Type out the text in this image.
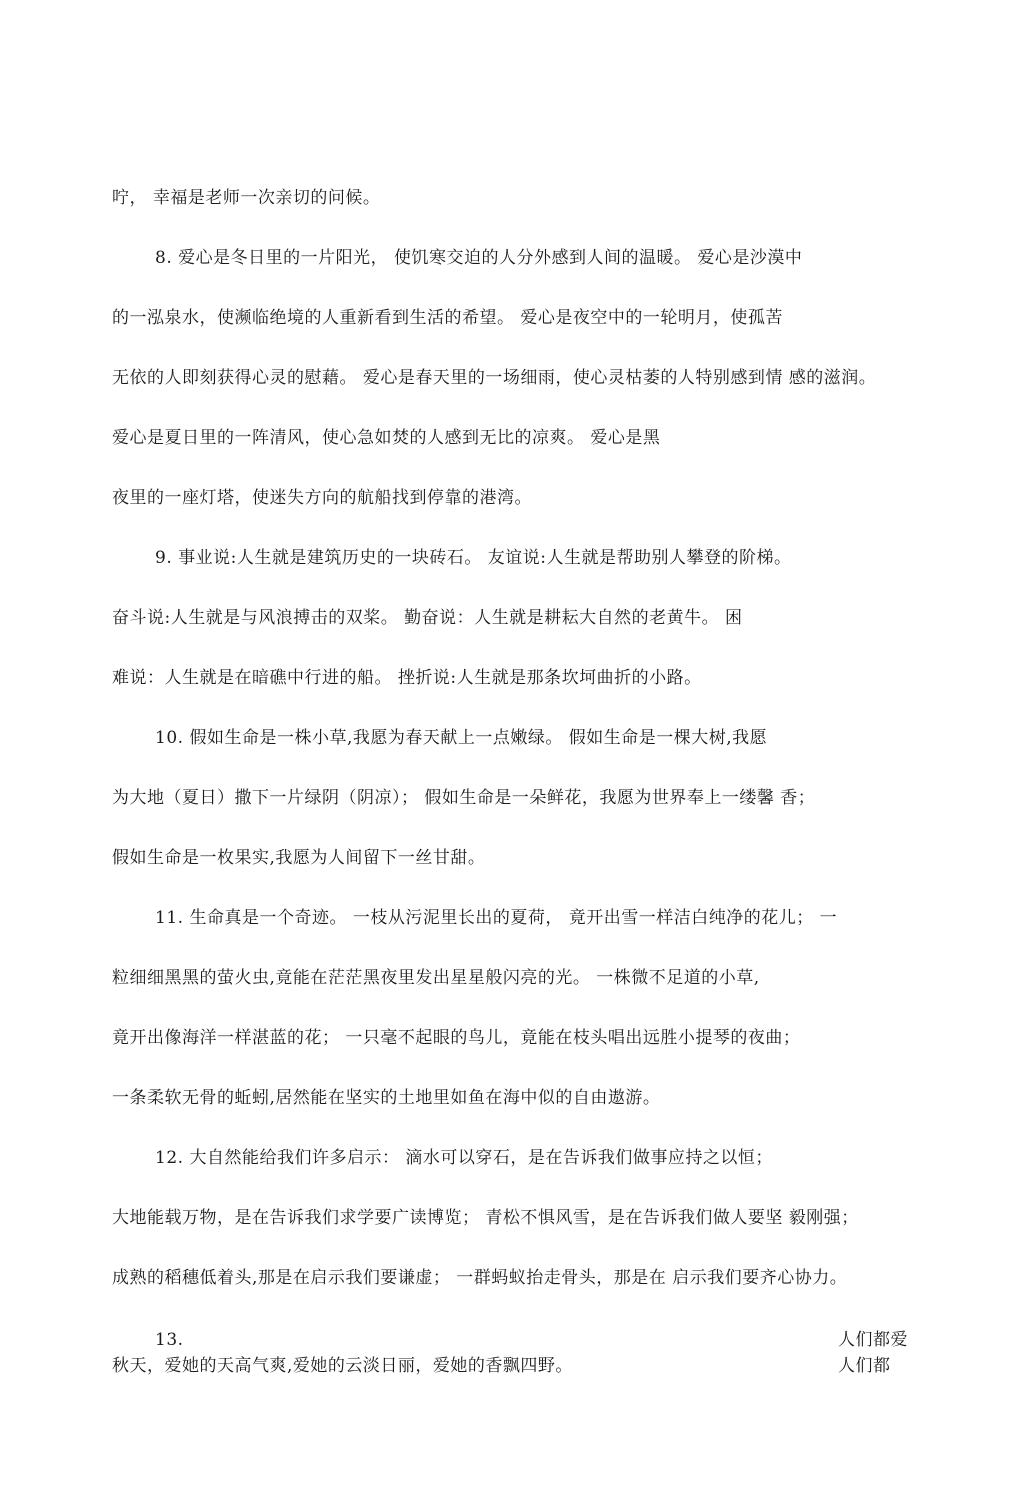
咛， 幸福是老师一次亲切的问候。
8. 爱心是冬日里的一片阳光， 使饥寒交迫的人分外感到人间的温暖。 爱心是沙漠中
的一泓泉水，使濒临绝境的人重新看到生活的希望。 爱心是夜空中的一轮明月，使孤苦
无依的人即刻获得心灵的慰藉。 爱心是春天里的一场细雨，使心灵枯萎的人特别感到情 感的滋润。
爱心是夏日里的一阵清风，使心急如焚的人感到无比的凉爽。 爱心是黑
夜里的一座灯塔，使迷失方向的航船找到停靠的港湾。
9. 事业说:人生就是建筑历史的一块砖石。 友谊说:人生就是帮助别人攀登的阶梯。
奋斗说:人生就是与风浪搏击的双桨。 勤奋说：人生就是耕耘大自然的老黄牛。 困
难说：人生就是在暗礁中行进的船。 挫折说:人生就是那条坎坷曲折的小路。
10. 假如生命是一株小草,我愿为春天献上一点嫩绿。 假如生命是一棵大树,我愿
为大地（夏日）撒下一片绿阴（阴凉）； 假如生命是一朵鲜花，我愿为世界奉上一缕馨 香；
假如生命是一枚果实,我愿为人间留下一丝甘甜。
11. 生命真是一个奇迹。 一枝从污泥里长出的夏荷， 竟开出雪一样洁白纯净的花儿； 一
粒细细黑黑的萤火虫,竟能在茫茫黑夜里发出星星般闪亮的光。 一株微不足道的小草,
竟开出像海洋一样湛蓝的花； 一只毫不起眼的鸟儿，竟能在枝头唱出远胜小提琴的夜曲；
一条柔软无骨的蚯蚓,居然能在坚实的土地里如鱼在海中似的自由遨游。
12. 大自然能给我们许多启示： 滴水可以穿石，是在告诉我们做事应持之以恒；
大地能载万物，是在告诉我们求学要广读博览； 青松不惧风雪，是在告诉我们做人要坚 毅刚强；
成熟的稻穗低着头,那是在启示我们要谦虚； 一群蚂蚁抬走骨头，那是在 启示我们要齐心协力。
13.	人们都爱
秋天，爱她的天高气爽,爱她的云淡日丽，爱她的香飘四野。	人们都
